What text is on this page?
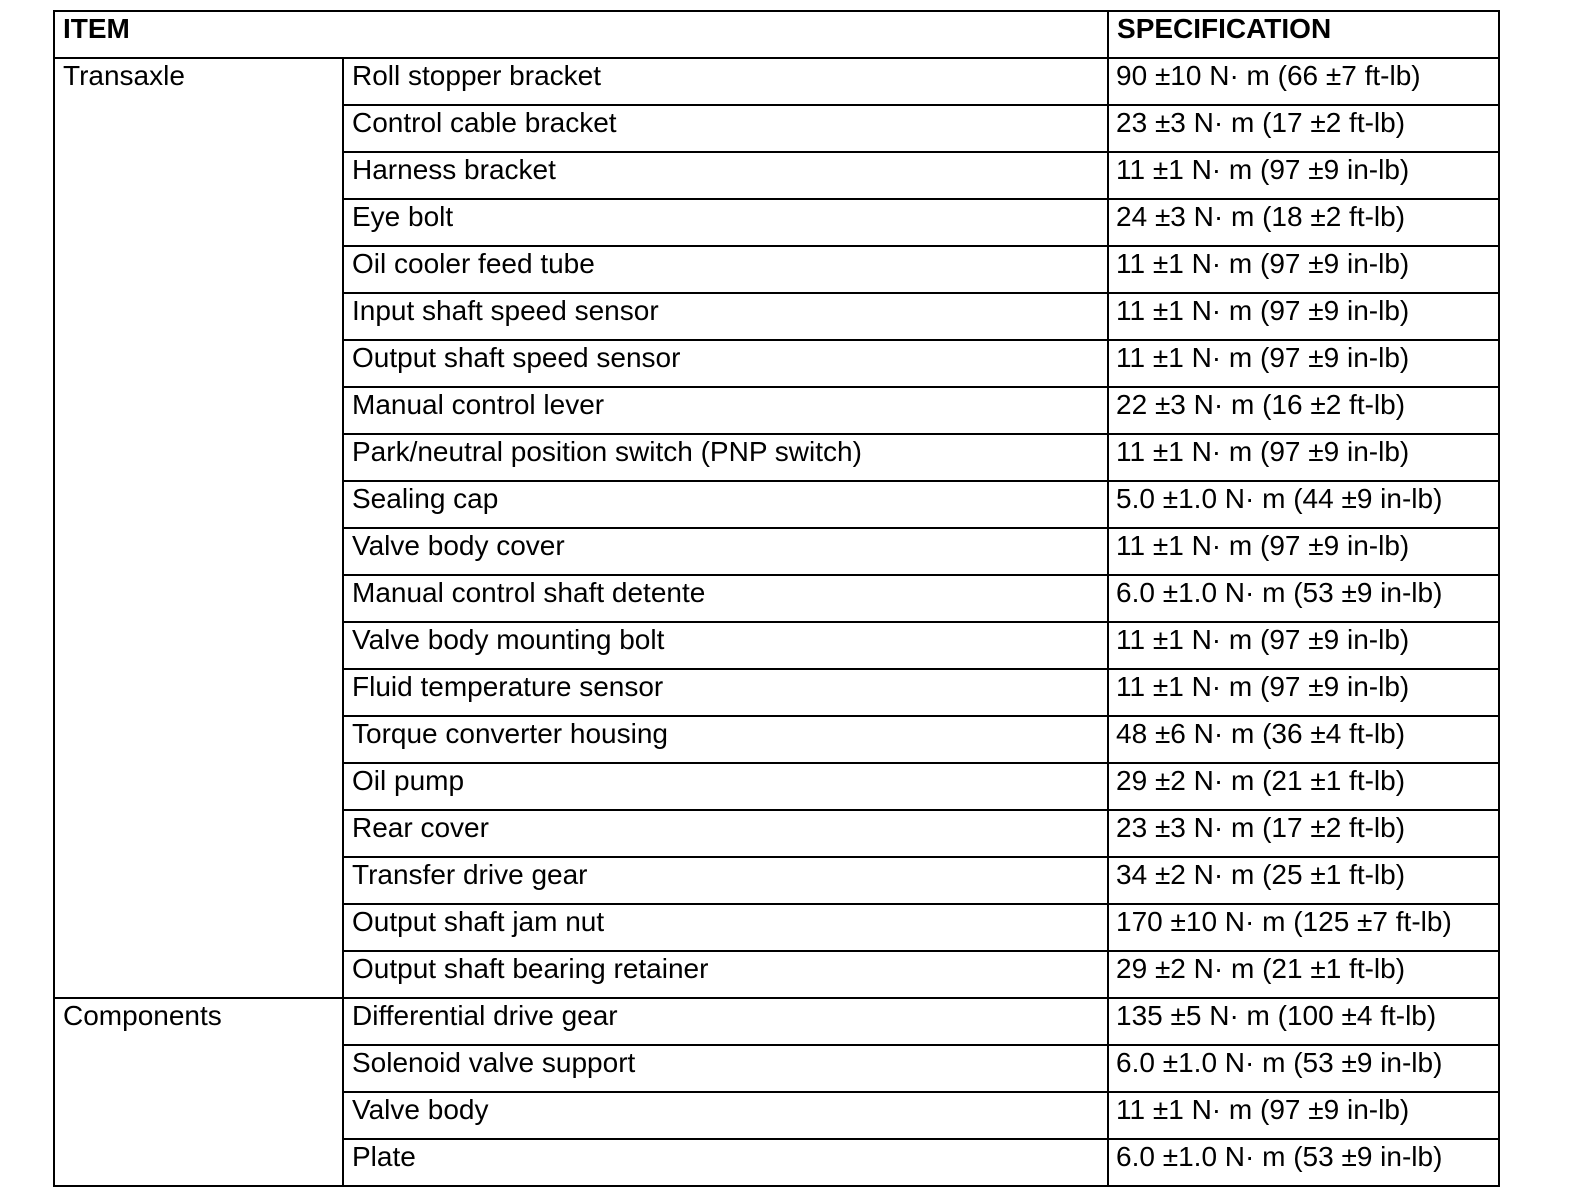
ITEM		SPECIFICATION
Transaxle	Roll stopper bracket	90 ±10 N· m (66 ±7 ft-lb)
	Control cable bracket	23 ±3 N· m (17 ±2 ft-lb)
	Harness bracket	11 ±1 N· m (97 ±9 in-lb)
	Eye bolt	24 ±3 N· m (18 ±2 ft-lb)
	Oil cooler feed tube	11 ±1 N· m (97 ±9 in-lb)
	Input shaft speed sensor	11 ±1 N· m (97 ±9 in-lb)
	Output shaft speed sensor	11 ±1 N· m (97 ±9 in-lb)
	Manual control lever	22 ±3 N· m (16 ±2 ft-lb)
	Park/neutral position switch (PNP switch)	11 ±1 N· m (97 ±9 in-lb)
	Sealing cap	5.0 ±1.0 N· m (44 ±9 in-lb)
	Valve body cover	11 ±1 N· m (97 ±9 in-lb)
	Manual control shaft detente	6.0 ±1.0 N· m (53 ±9 in-lb)
	Valve body mounting bolt	11 ±1 N· m (97 ±9 in-lb)
	Fluid temperature sensor	11 ±1 N· m (97 ±9 in-lb)
	Torque converter housing	48 ±6 N· m (36 ±4 ft-lb)
	Oil pump	29 ±2 N· m (21 ±1 ft-lb)
	Rear cover	23 ±3 N· m (17 ±2 ft-lb)
	Transfer drive gear	34 ±2 N· m (25 ±1 ft-lb)
	Output shaft jam nut	170 ±10 N· m (125 ±7 ft-lb)
	Output shaft bearing retainer	29 ±2 N· m (21 ±1 ft-lb)
Components	Differential drive gear	135 ±5 N· m (100 ±4 ft-lb)
	Solenoid valve support	6.0 ±1.0 N· m (53 ±9 in-lb)
	Valve body	11 ±1 N· m (97 ±9 in-lb)
	Plate	6.0 ±1.0 N· m (53 ±9 in-lb)
